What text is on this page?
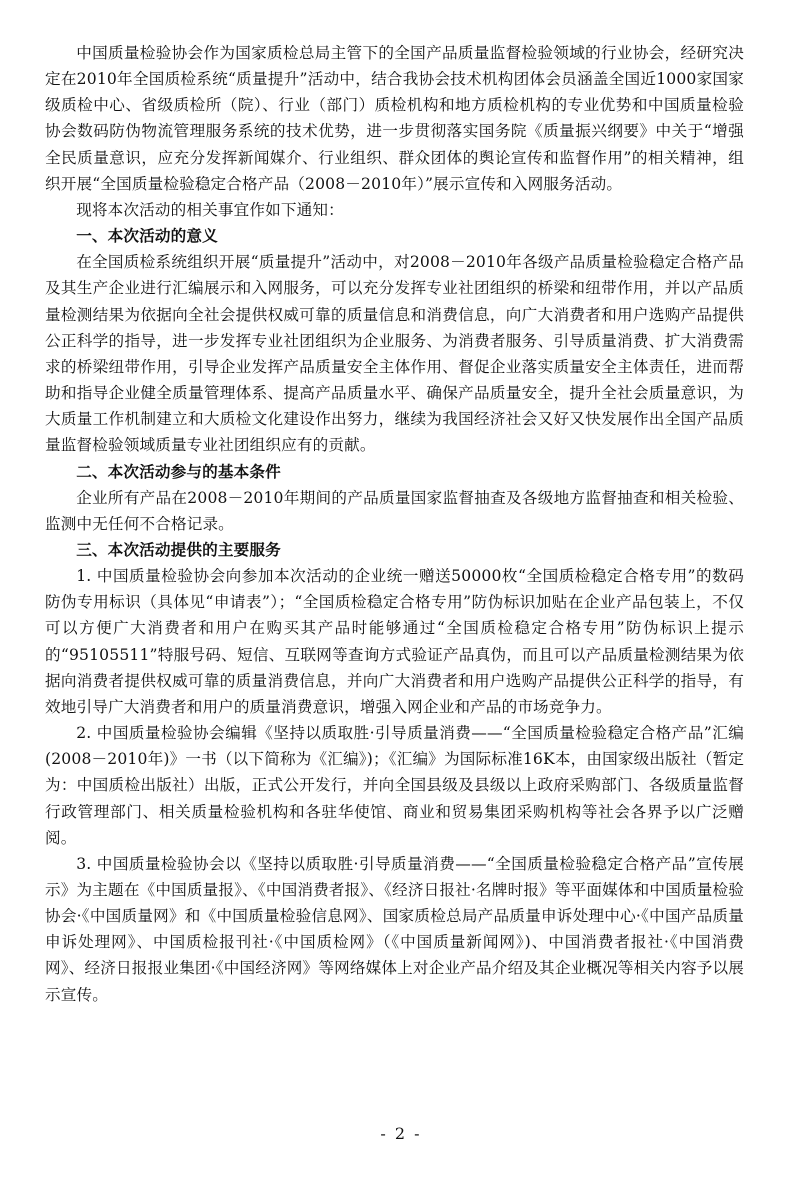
中国质量检验协会作为国家质检总局主管下的全国产品质量监督检验领域的行业协会，经研究决定在2010年全国质检系统“质量提升”活动中，结合我协会技术机构团体会员涵盖全国近1000家国家级质检中心、省级质检所（院）、行业（部门）质检机构和地方质检机构的专业优势和中国质量检验协会数码防伪物流管理服务系统的技术优势，进一步贯彻落实国务院《质量振兴纲要》中关于“增强全民质量意识，应充分发挥新闻媒介、行业组织、群众团体的舆论宣传和监督作用”的相关精神，组织开展“全国质量检验稳定合格产品（2008－2010年）”展示宣传和入网服务活动。

现将本次活动的相关事宜作如下通知：

一、本次活动的意义

在全国质检系统组织开展“质量提升”活动中，对2008－2010年各级产品质量检验稳定合格产品及其生产企业进行汇编展示和入网服务，可以充分发挥专业社团组织的桥梁和纽带作用，并以产品质量检测结果为依据向全社会提供权威可靠的质量信息和消费信息，向广大消费者和用户选购产品提供公正科学的指导，进一步发挥专业社团组织为企业服务、为消费者服务、引导质量消费、扩大消费需求的桥梁纽带作用，引导企业发挥产品质量安全主体作用、督促企业落实质量安全主体责任，进而帮助和指导企业健全质量管理体系、提高产品质量水平、确保产品质量安全，提升全社会质量意识，为大质量工作机制建立和大质检文化建设作出努力，继续为我国经济社会又好又快发展作出全国产品质量监督检验领域质量专业社团组织应有的贡献。

二、本次活动参与的基本条件

企业所有产品在2008－2010年期间的产品质量国家监督抽查及各级地方监督抽查和相关检验、监测中无任何不合格记录。

三、本次活动提供的主要服务

1. 中国质量检验协会向参加本次活动的企业统一赠送50000枚“全国质检稳定合格专用”的数码防伪专用标识（具体见“申请表”）；“全国质检稳定合格专用”防伪标识加贴在企业产品包装上，不仅可以方便广大消费者和用户在购买其产品时能够通过“全国质检稳定合格专用”防伪标识上提示的“95105511”特服号码、短信、互联网等查询方式验证产品真伪，而且可以产品质量检测结果为依据向消费者提供权威可靠的质量消费信息，并向广大消费者和用户选购产品提供公正科学的指导，有效地引导广大消费者和用户的质量消费意识，增强入网企业和产品的市场竞争力。

2. 中国质量检验协会编辑《坚持以质取胜·引导质量消费——“全国质量检验稳定合格产品”汇编(2008－2010年)》一书（以下简称为《汇编》)；《汇编》为国际标准16K本，由国家级出版社（暂定为：中国质检出版社）出版，正式公开发行，并向全国县级及县级以上政府采购部门、各级质量监督行政管理部门、相关质量检验机构和各驻华使馆、商业和贸易集团采购机构等社会各界予以广泛赠阅。

3. 中国质量检验协会以《坚持以质取胜·引导质量消费——“全国质量检验稳定合格产品”宣传展示》为主题在《中国质量报》、《中国消费者报》、《经济日报社·名牌时报》等平面媒体和中国质量检验协会·《中国质量网》和《中国质量检验信息网》、国家质检总局产品质量申诉处理中心·《中国产品质量申诉处理网》、中国质检报刊社·《中国质检网》（《中国质量新闻网》)、中国消费者报社·《中国消费网》、经济日报报业集团·《中国经济网》等网络媒体上对企业产品介绍及其企业概况等相关内容予以展示宣传。

- 2 -
